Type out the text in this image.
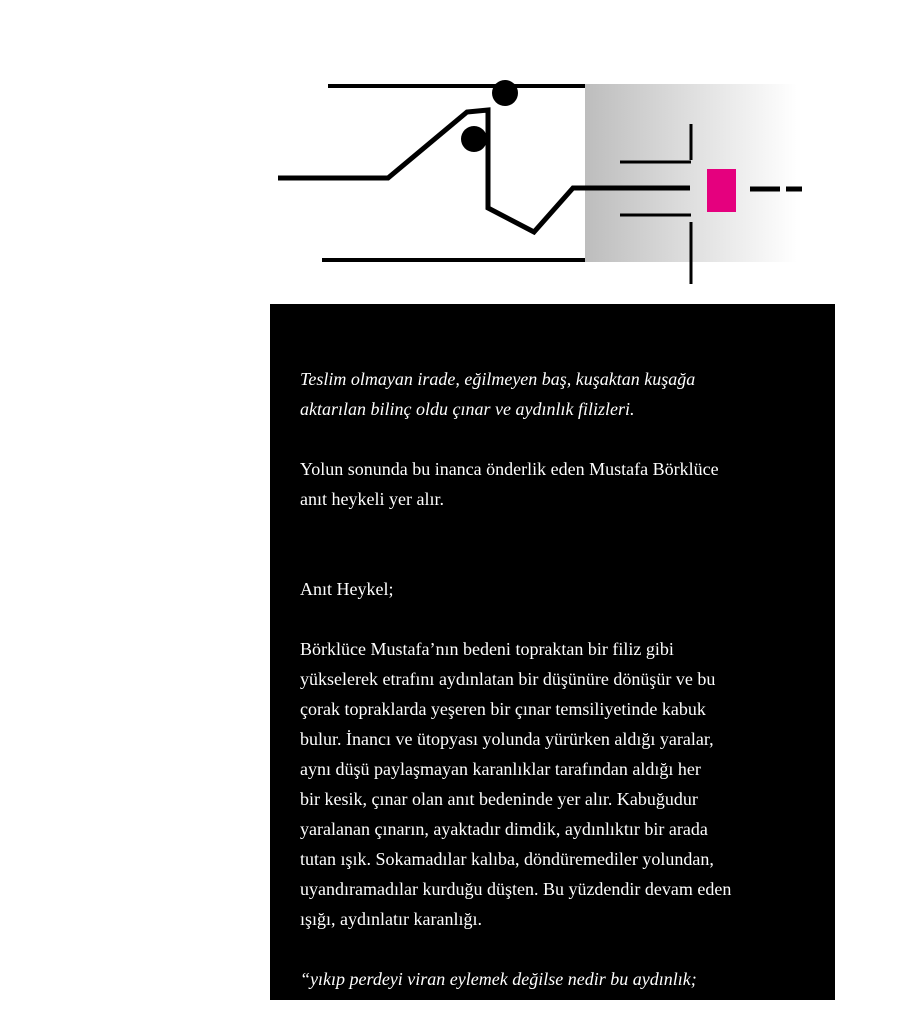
Teslim olmayan irade, eğilmeyen baş, kuşaktan kuşağa
aktarılan bilinç oldu çınar ve aydınlık filizleri.

Yolun sonunda bu inanca önderlik eden Mustafa Börklüce
anıt heykeli yer alır.

Anıt Heykel;

Börklüce Mustafa’nın bedeni topraktan bir filiz gibi
yükselerek etrafını aydınlatan bir düşünüre dönüşür ve bu
çorak topraklarda yeşeren bir çınar temsiliyetinde kabuk
bulur. İnancı ve ütopyası yolunda yürürken aldığı yaralar,
aynı düşü paylaşmayan karanlıklar tarafından aldığı her
bir kesik, çınar olan anıt bedeninde yer alır. Kabuğudur
yaralanan çınarın, ayaktadır dimdik, aydınlıktır bir arada
tutan ışık. Sokamadılar kalıba, döndüremediler yolundan,
uyandıramadılar kurduğu düşten. Bu yüzdendir devam eden
ışığı, aydınlatır karanlığı.

“yıkıp perdeyi viran eylemek değilse nedir bu aydınlık;
gölgesinde çınarın”
